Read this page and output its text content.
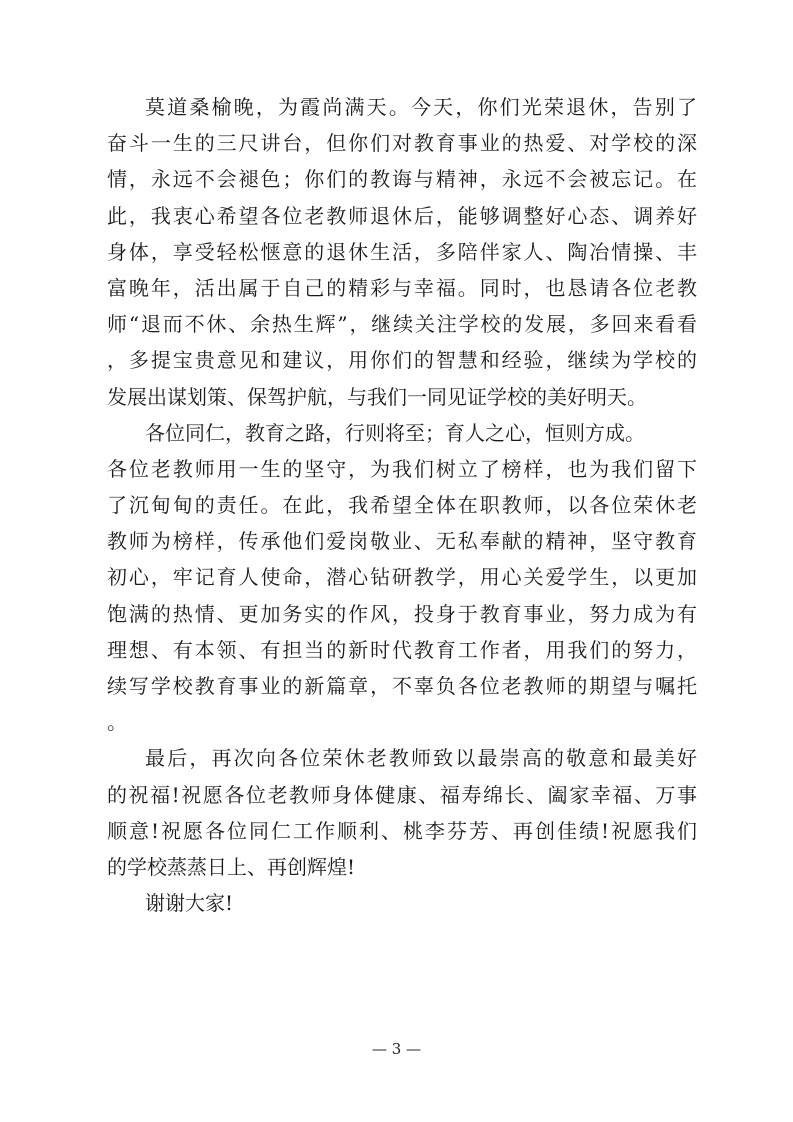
莫道桑榆晚，为霞尚满天。今天，你们光荣退休，告别了
奋斗一生的三尺讲台，但你们对教育事业的热爱、对学校的深
情，永远不会褪色；你们的教诲与精神，永远不会被忘记。在
此，我衷心希望各位老教师退休后，能够调整好心态、调养好
身体，享受轻松惬意的退休生活，多陪伴家人、陶冶情操、丰
富晚年，活出属于自己的精彩与幸福。同时，也恳请各位老教
师“退而不休、余热生辉”，继续关注学校的发展，多回来看看
，多提宝贵意见和建议，用你们的智慧和经验，继续为学校的
发展出谋划策、保驾护航，与我们一同见证学校的美好明天。
各位同仁，教育之路，行则将至；育人之心，恒则方成。
各位老教师用一生的坚守，为我们树立了榜样，也为我们留下
了沉甸甸的责任。在此，我希望全体在职教师，以各位荣休老
教师为榜样，传承他们爱岗敬业、无私奉献的精神，坚守教育
初心，牢记育人使命，潜心钻研教学，用心关爱学生，以更加
饱满的热情、更加务实的作风，投身于教育事业，努力成为有
理想、有本领、有担当的新时代教育工作者，用我们的努力，
续写学校教育事业的新篇章，不辜负各位老教师的期望与嘱托
。
最后，再次向各位荣休老教师致以最崇高的敬意和最美好
的祝福!祝愿各位老教师身体健康、福寿绵长、阖家幸福、万事
顺意!祝愿各位同仁工作顺利、桃李芬芳、再创佳绩!祝愿我们
的学校蒸蒸日上、再创辉煌!
谢谢大家!
— 3 —
